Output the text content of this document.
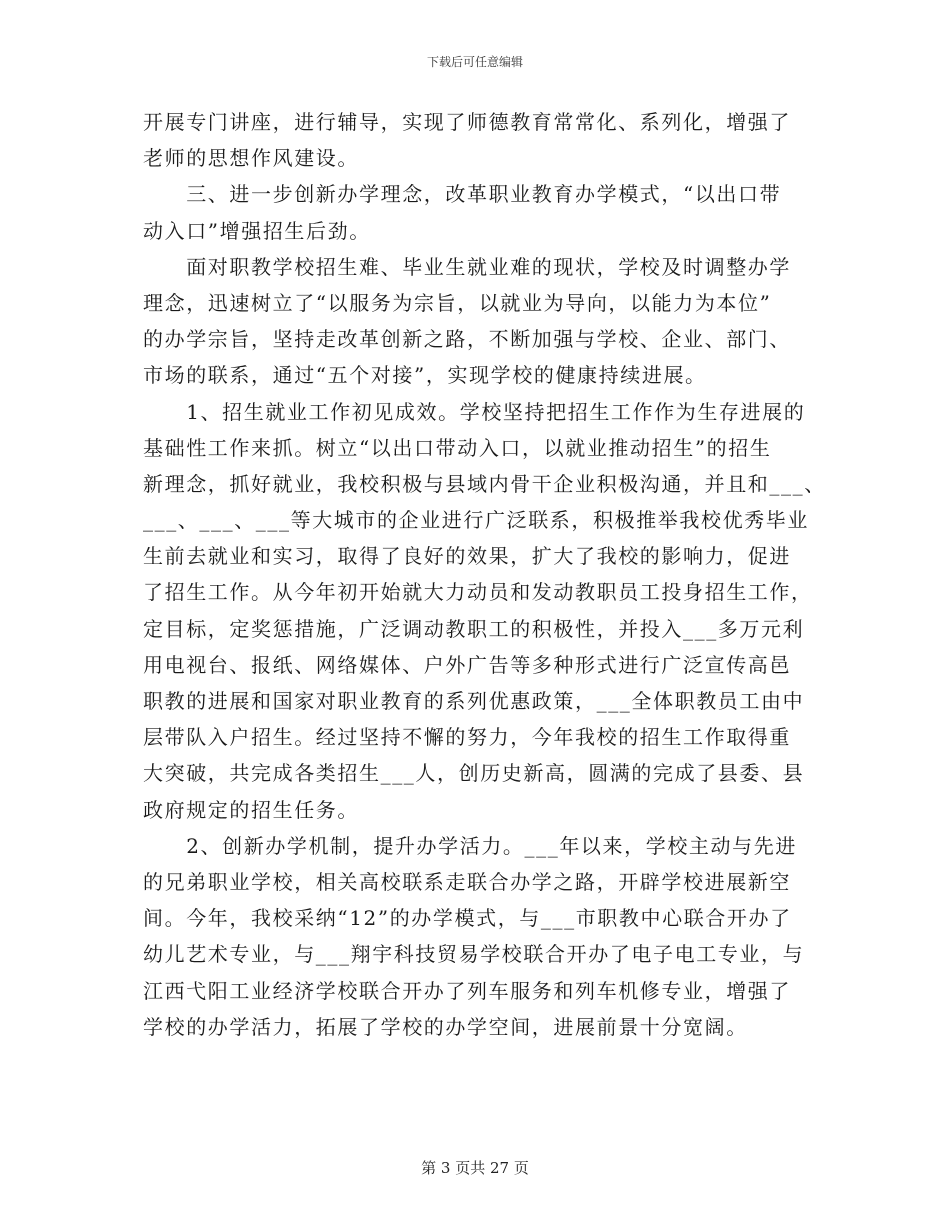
下载后可任意编辑
开展专门讲座，进行辅导，实现了师德教育常常化、系列化，增强了
老师的思想作风建设。
　　三、进一步创新办学理念，改革职业教育办学模式，“以出口带
动入口”增强招生后劲。
　　面对职教学校招生难、毕业生就业难的现状，学校及时调整办学
理念，迅速树立了“以服务为宗旨，以就业为导向，以能力为本位”
的办学宗旨，坚持走改革创新之路，不断加强与学校、企业、部门、
市场的联系，通过“五个对接”，实现学校的健康持续进展。
　　1、招生就业工作初见成效。学校坚持把招生工作作为生存进展的
基础性工作来抓。树立“以出口带动入口，以就业推动招生”的招生
新理念，抓好就业，我校积极与县域内骨干企业积极沟通，并且和___、
___、___、___等大城市的企业进行广泛联系，积极推举我校优秀毕业
生前去就业和实习，取得了良好的效果，扩大了我校的影响力，促进
了招生工作。从今年初开始就大力动员和发动教职员工投身招生工作，
定目标，定奖惩措施，广泛调动教职工的积极性，并投入___多万元利
用电视台、报纸、网络媒体、户外广告等多种形式进行广泛宣传高邑
职教的进展和国家对职业教育的系列优惠政策，___全体职教员工由中
层带队入户招生。经过坚持不懈的努力，今年我校的招生工作取得重
大突破，共完成各类招生___人，创历史新高，圆满的完成了县委、县
政府规定的招生任务。
　　2、创新办学机制，提升办学活力。___年以来，学校主动与先进
的兄弟职业学校，相关高校联系走联合办学之路，开辟学校进展新空
间。今年，我校采纳“12”的办学模式，与___市职教中心联合开办了
幼儿艺术专业，与___翔宇科技贸易学校联合开办了电子电工专业，与
江西弋阳工业经济学校联合开办了列车服务和列车机修专业，增强了
学校的办学活力，拓展了学校的办学空间，进展前景十分宽阔。
第 3 页共 27 页
